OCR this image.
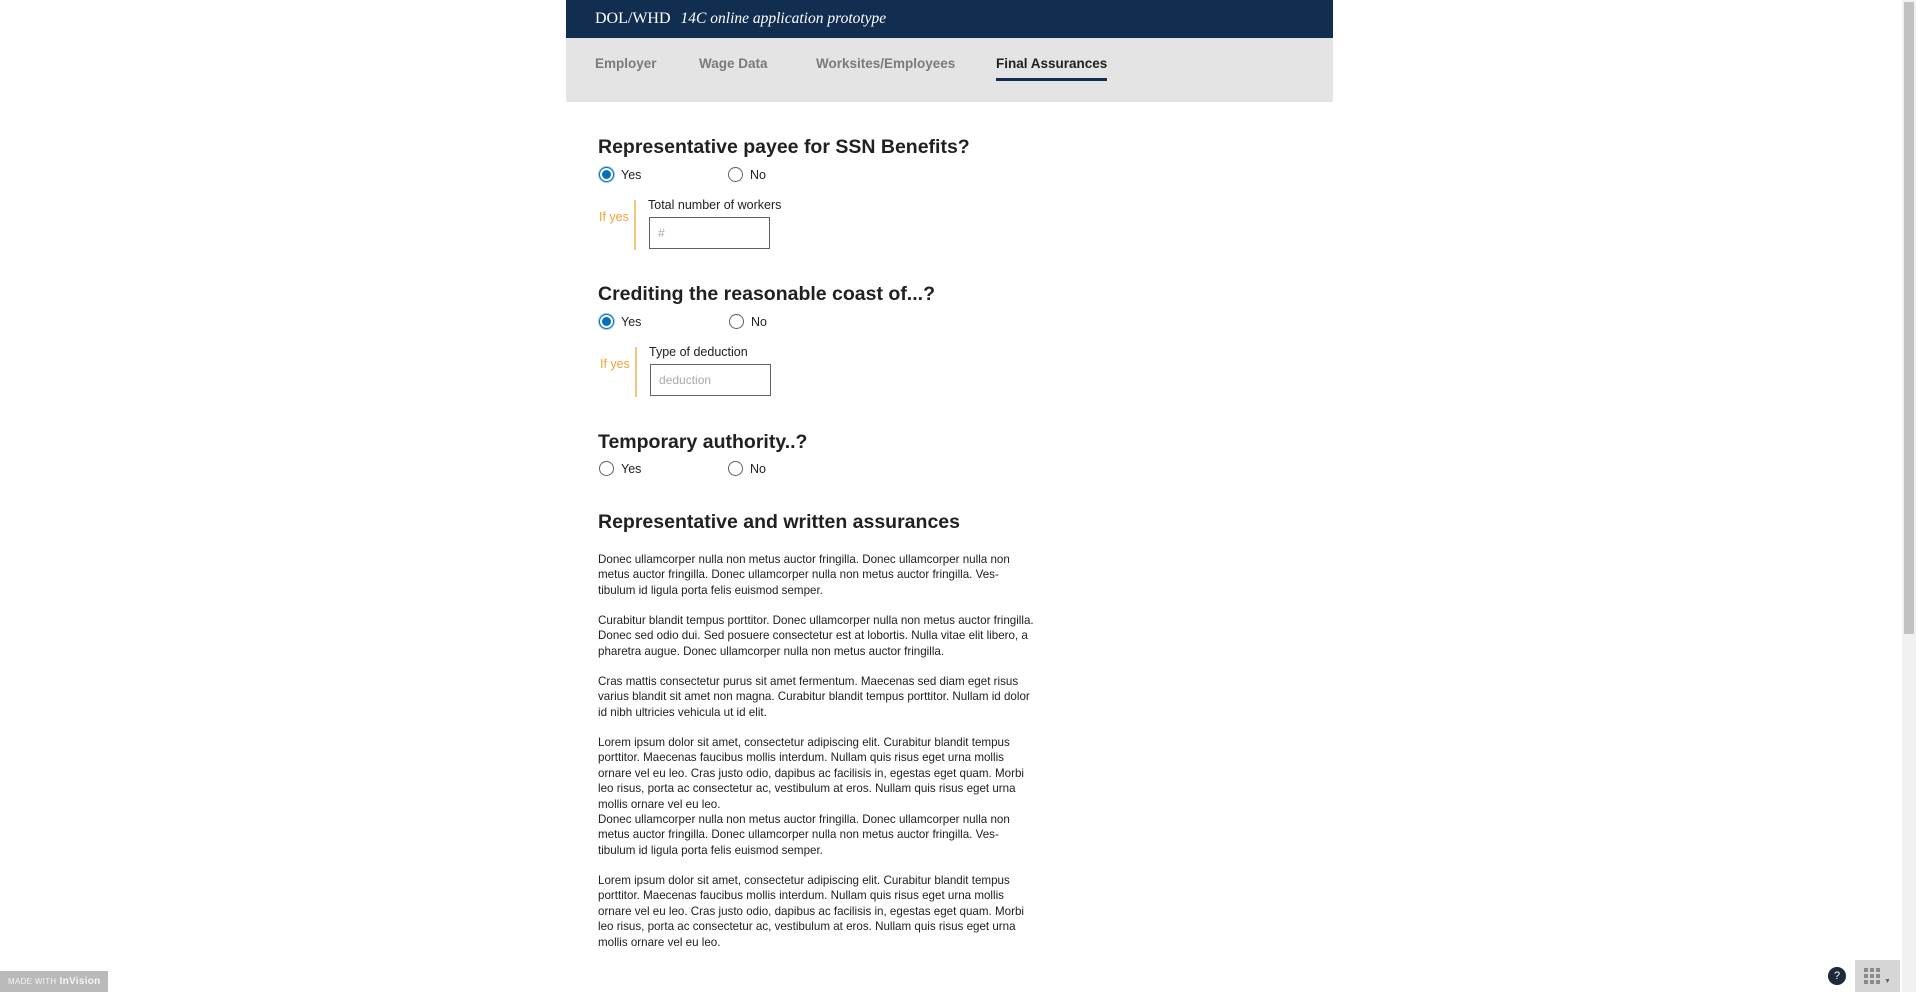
DOL/WHD 14C online application prototype
Employer	Wage Data	Worksites/Employees	Final Assurances
Representative payee for SSN Benefits?
Yes	No
If yes
Total number of workers
#
Crediting the reasonable coast of...?
Yes	No
If yes
Type of deduction
deduction
Temporary authority..?
Yes	No
Representative and written assurances

Donec ullamcorper nulla non metus auctor fringilla. Donec ullamcorper nulla non metus auctor fringilla. Donec ullamcorper nulla non metus auctor fringilla. Ves-tibulum id ligula porta felis euismod semper.

Curabitur blandit tempus porttitor. Donec ullamcorper nulla non metus auctor fringilla. Donec sed odio dui. Sed posuere consectetur est at lobortis. Nulla vitae elit libero, a pharetra augue. Donec ullamcorper nulla non metus auctor fringilla.

Cras mattis consectetur purus sit amet fermentum. Maecenas sed diam eget risus varius blandit sit amet non magna. Curabitur blandit tempus porttitor. Nullam id dolor id nibh ultricies vehicula ut id elit.

Lorem ipsum dolor sit amet, consectetur adipiscing elit. Curabitur blandit tempus porttitor. Maecenas faucibus mollis interdum. Nullam quis risus eget urna mollis ornare vel eu leo. Cras justo odio, dapibus ac facilisis in, egestas eget quam. Morbi leo risus, porta ac consectetur ac, vestibulum at eros. Nullam quis risus eget urna mollis ornare vel eu leo.

Donec ullamcorper nulla non metus auctor fringilla. Donec ullamcorper nulla non metus auctor fringilla. Donec ullamcorper nulla non metus auctor fringilla. Ves-tibulum id ligula porta felis euismod semper.

Lorem ipsum dolor sit amet, consectetur adipiscing elit. Curabitur blandit tempus porttitor. Maecenas faucibus mollis interdum. Nullam quis risus eget urna mollis ornare vel eu leo. Cras justo odio, dapibus ac facilisis in, egestas eget quam. Morbi leo risus, porta ac consectetur ac, vestibulum at eros. Nullam quis risus eget urna mollis ornare vel eu leo.

MADE WITH InVision	?	▼
